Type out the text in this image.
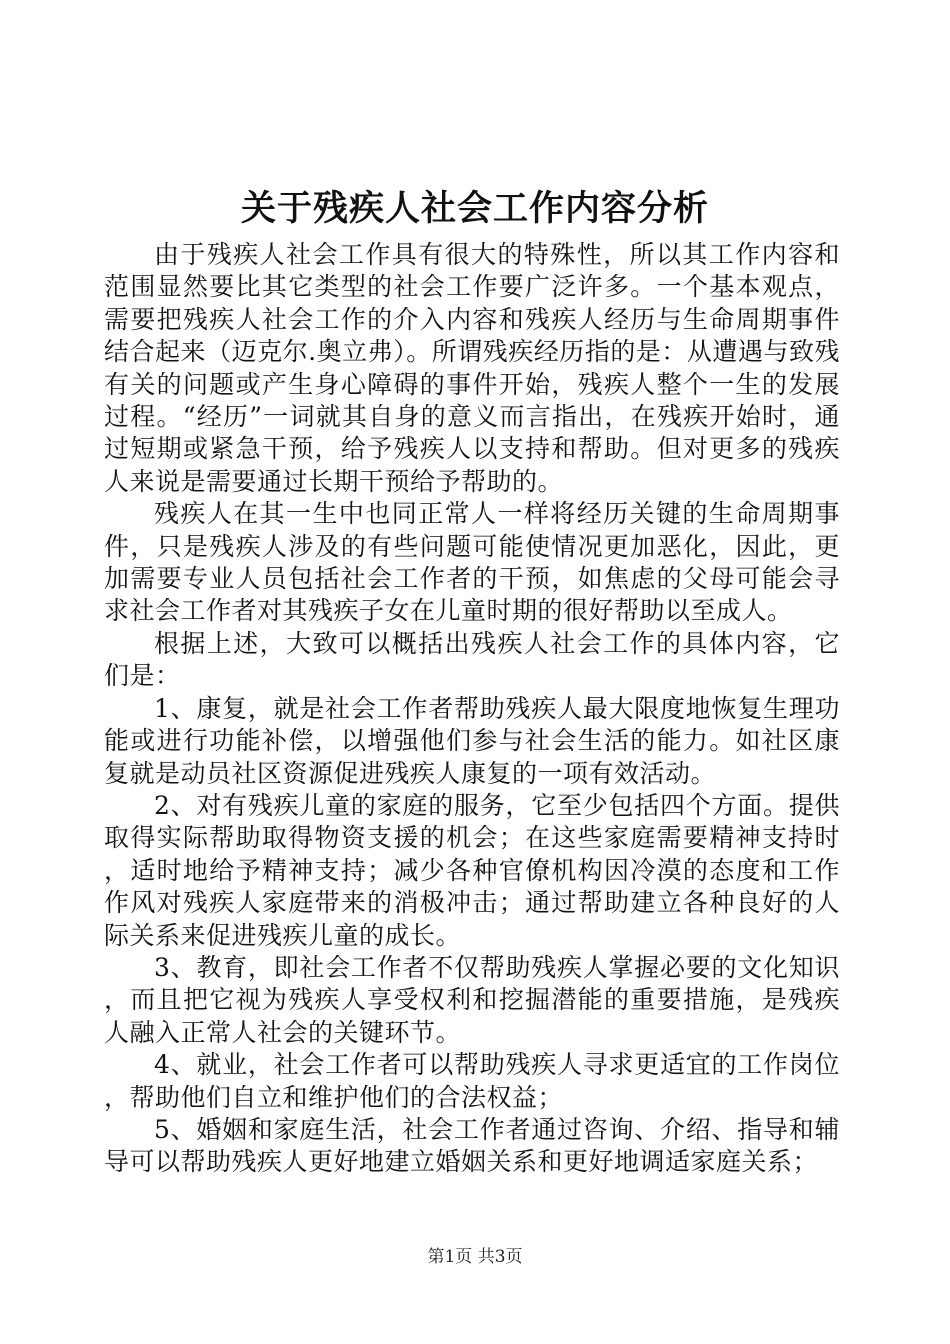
关于残疾人社会工作内容分析

由于残疾人社会工作具有很大的特殊性，所以其工作内容和范围显然要比其它类型的社会工作要广泛许多。一个基本观点，需要把残疾人社会工作的介入内容和残疾人经历与生命周期事件结合起来（迈克尔.奥立弗）。所谓残疾经历指的是：从遭遇与致残有关的问题或产生身心障碍的事件开始，残疾人整个一生的发展过程。“经历”一词就其自身的意义而言指出，在残疾开始时，通过短期或紧急干预，给予残疾人以支持和帮助。但对更多的残疾人来说是需要通过长期干预给予帮助的。

残疾人在其一生中也同正常人一样将经历关键的生命周期事件，只是残疾人涉及的有些问题可能使情况更加恶化，因此，更加需要专业人员包括社会工作者的干预，如焦虑的父母可能会寻求社会工作者对其残疾子女在儿童时期的很好帮助以至成人。

根据上述，大致可以概括出残疾人社会工作的具体内容，它们是：

1、康复，就是社会工作者帮助残疾人最大限度地恢复生理功能或进行功能补偿，以增强他们参与社会生活的能力。如社区康复就是动员社区资源促进残疾人康复的一项有效活动。

2、对有残疾儿童的家庭的服务，它至少包括四个方面。提供取得实际帮助取得物资支援的机会；在这些家庭需要精神支持时，适时地给予精神支持；减少各种官僚机构因冷漠的态度和工作作风对残疾人家庭带来的消极冲击；通过帮助建立各种良好的人际关系来促进残疾儿童的成长。

3、教育，即社会工作者不仅帮助残疾人掌握必要的文化知识，而且把它视为残疾人享受权利和挖掘潜能的重要措施，是残疾人融入正常人社会的关键环节。

4、就业，社会工作者可以帮助残疾人寻求更适宜的工作岗位，帮助他们自立和维护他们的合法权益；

5、婚姻和家庭生活，社会工作者通过咨询、介绍、指导和辅导可以帮助残疾人更好地建立婚姻关系和更好地调适家庭关系；

第1页 共3页
